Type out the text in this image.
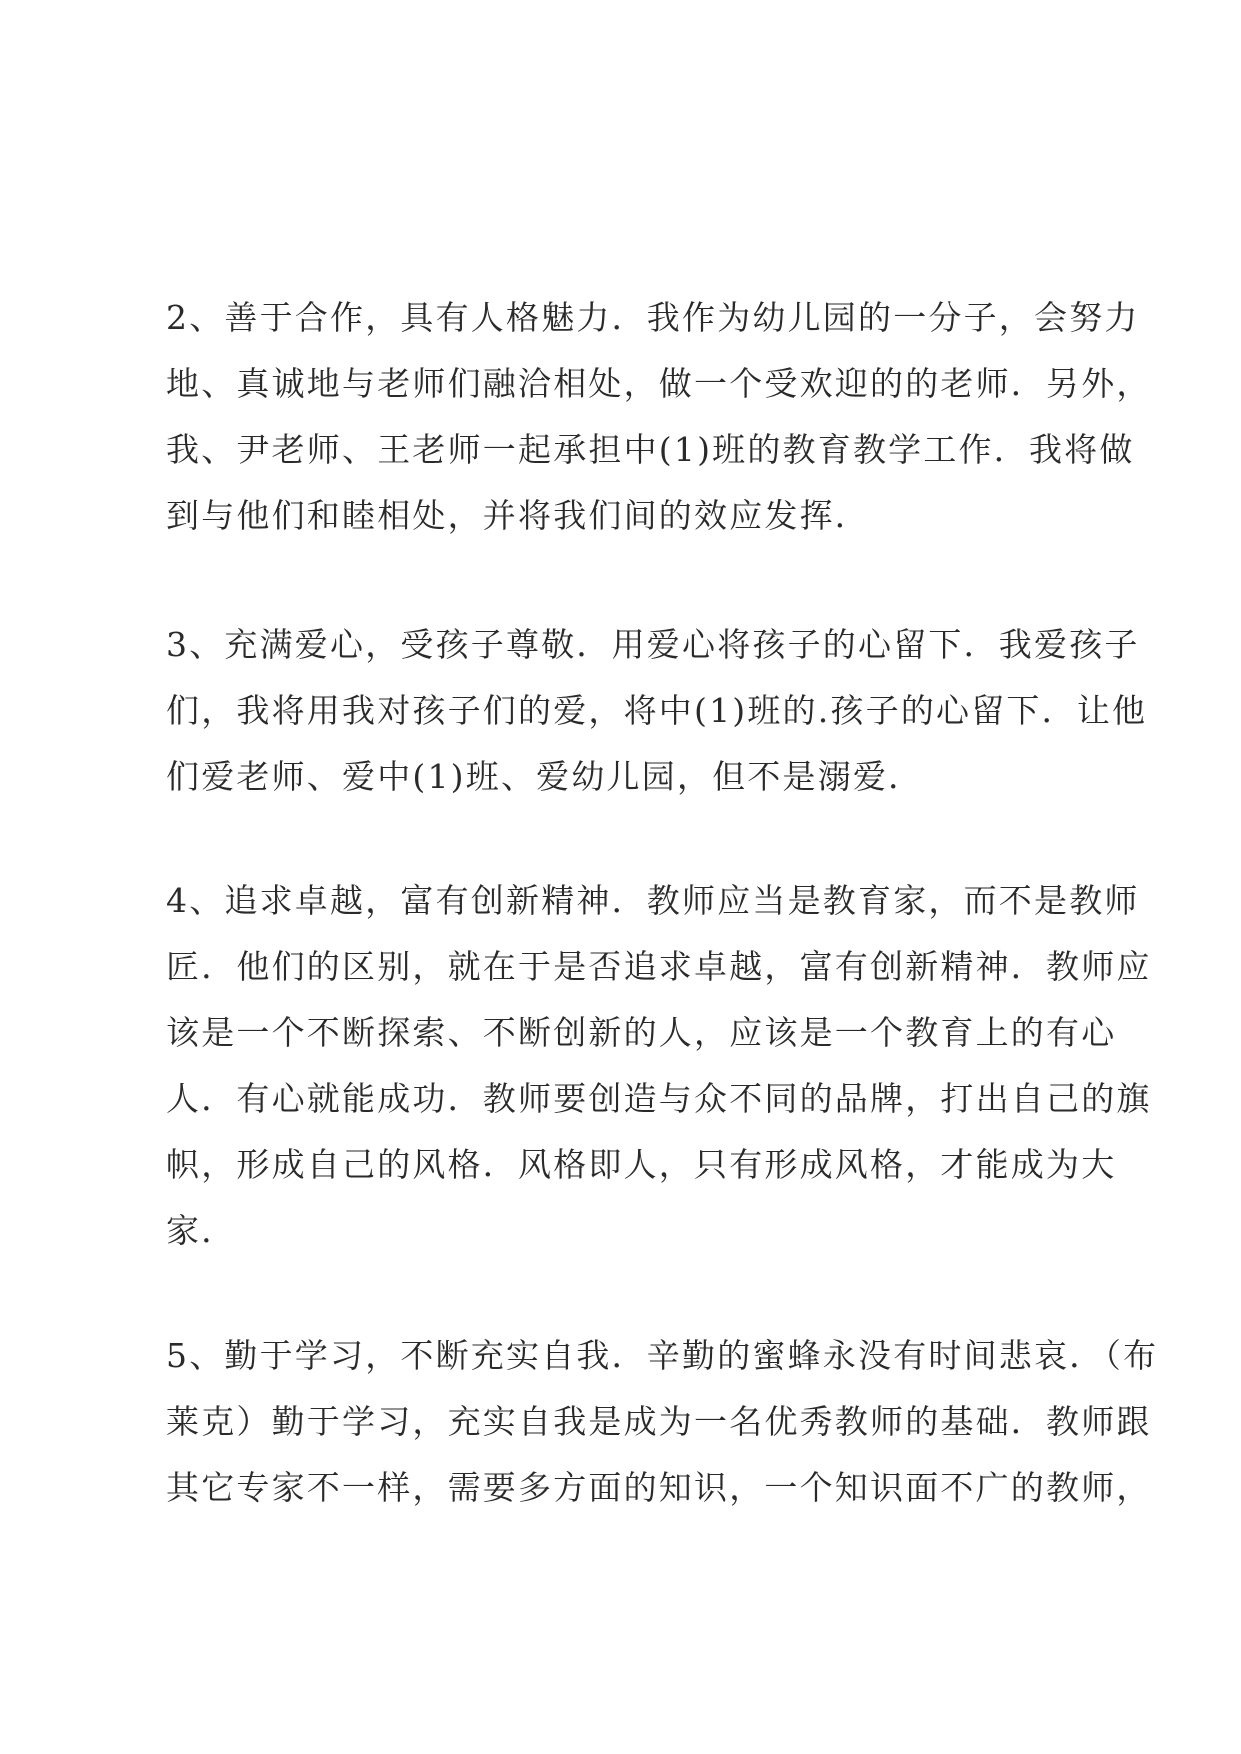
2、善于合作，具有人格魅力．我作为幼儿园的一分子，会努力
地、真诚地与老师们融洽相处，做一个受欢迎的的老师．另外，
我、尹老师、王老师一起承担中(1)班的教育教学工作．我将做
到与他们和睦相处，并将我们间的效应发挥．
3、充满爱心，受孩子尊敬．用爱心将孩子的心留下．我爱孩子
们，我将用我对孩子们的爱，将中(1)班的.孩子的心留下．让他
们爱老师、爱中(1)班、爱幼儿园，但不是溺爱．
4、追求卓越，富有创新精神．教师应当是教育家，而不是教师
匠．他们的区别，就在于是否追求卓越，富有创新精神．教师应
该是一个不断探索、不断创新的人，应该是一个教育上的有心
人．有心就能成功．教师要创造与众不同的品牌，打出自己的旗
帜，形成自己的风格．风格即人，只有形成风格，才能成为大
家．
5、勤于学习，不断充实自我．辛勤的蜜蜂永没有时间悲哀．（布
莱克）勤于学习，充实自我是成为一名优秀教师的基础．教师跟
其它专家不一样，需要多方面的知识，一个知识面不广的教师，
